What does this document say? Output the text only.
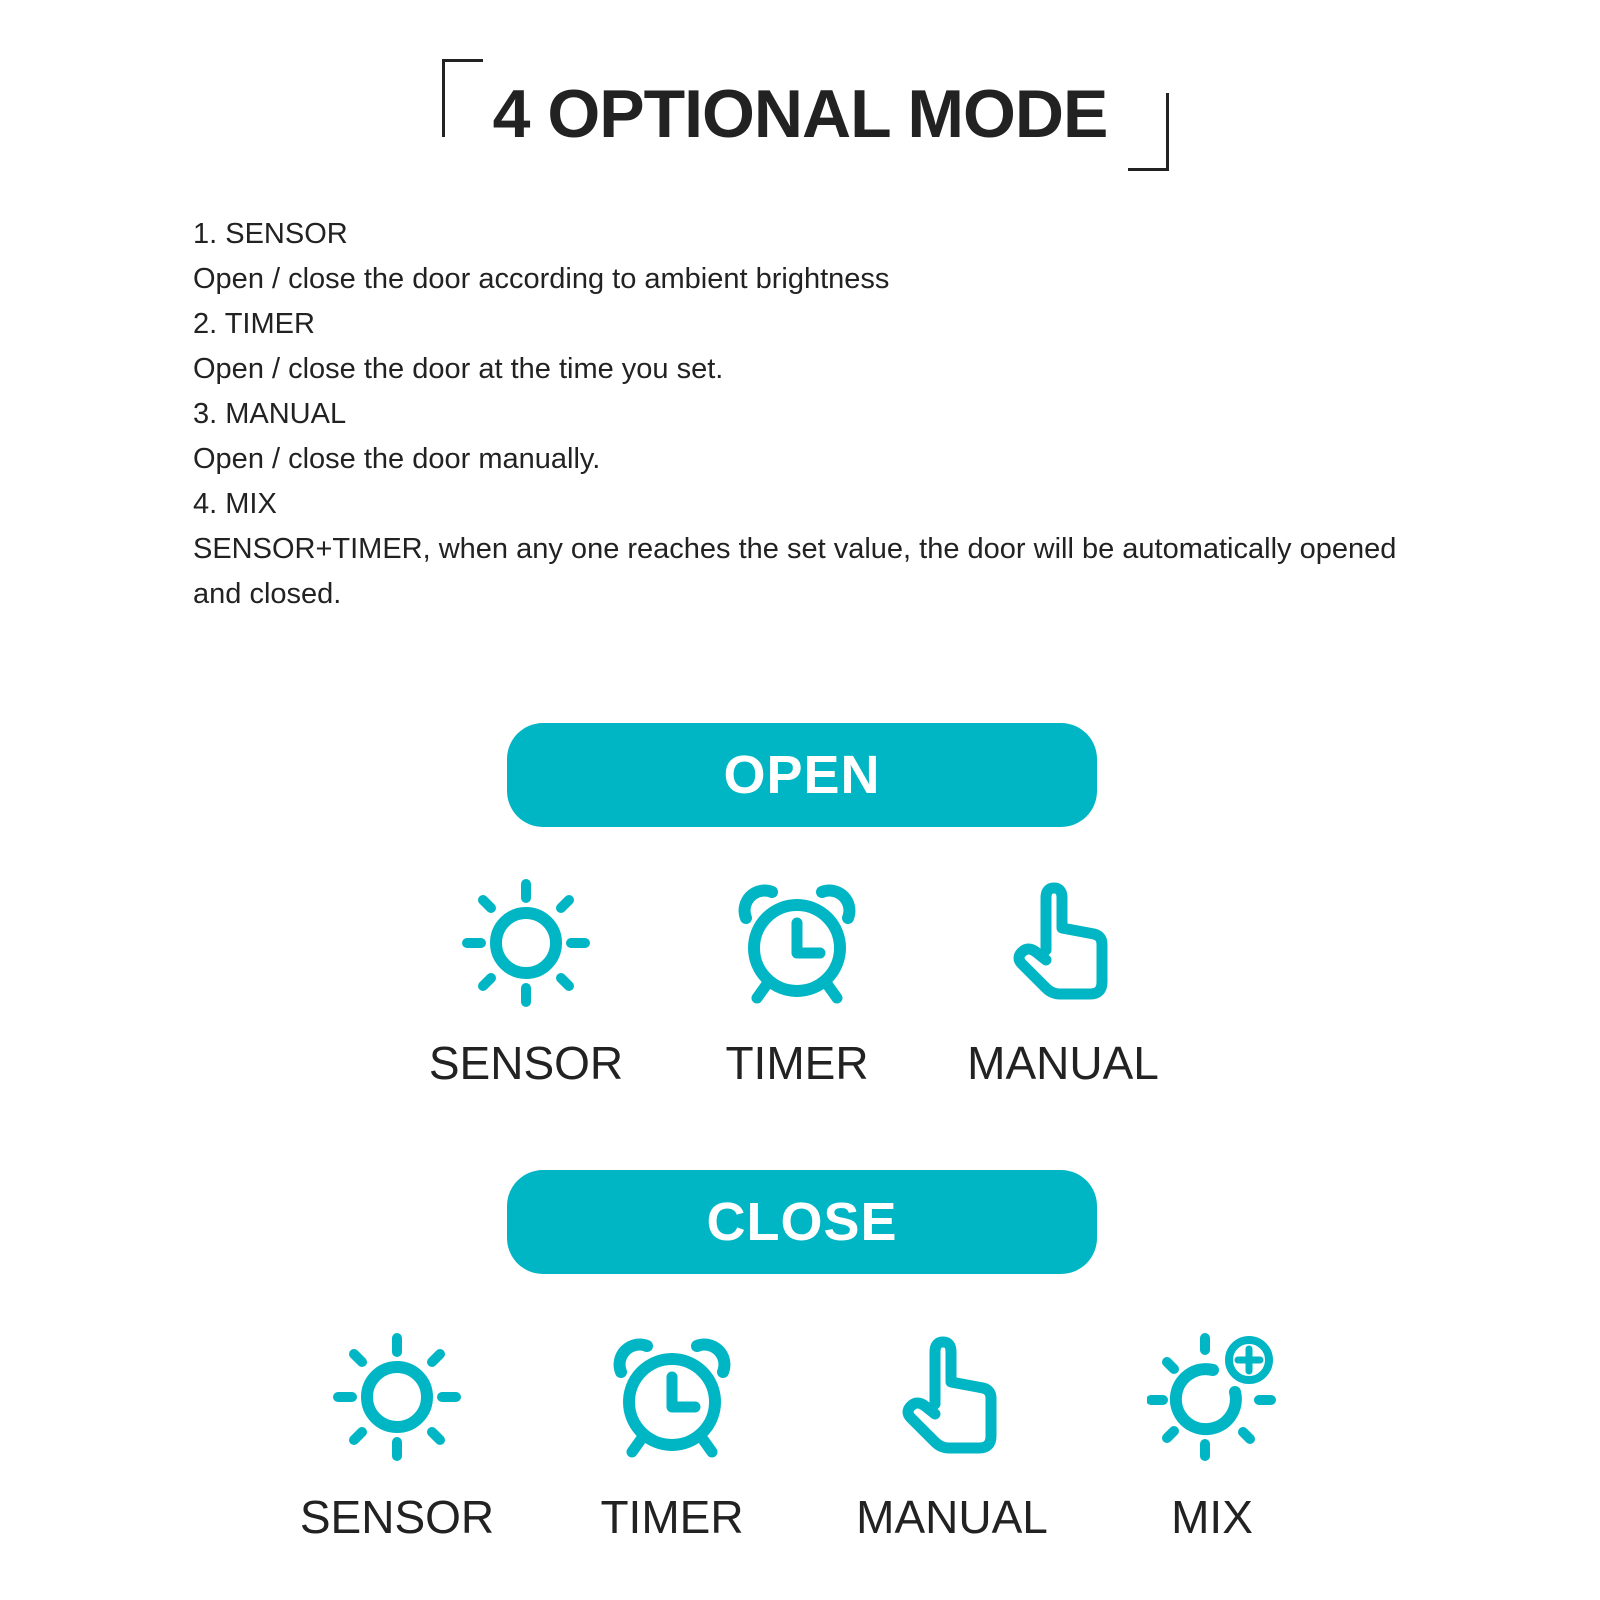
4 OPTIONAL MODE
1. SENSOR
Open / close the door according to ambient brightness
2. TIMER
Open / close the door at the time you set.
3. MANUAL
Open / close the door manually.
4. MIX
SENSOR+TIMER, when any one reaches the set value, the door will be automatically opened and closed.
OPEN
SENSOR	TIMER	MANUAL
CLOSE
SENSOR	TIMER	MANUAL	MIX
